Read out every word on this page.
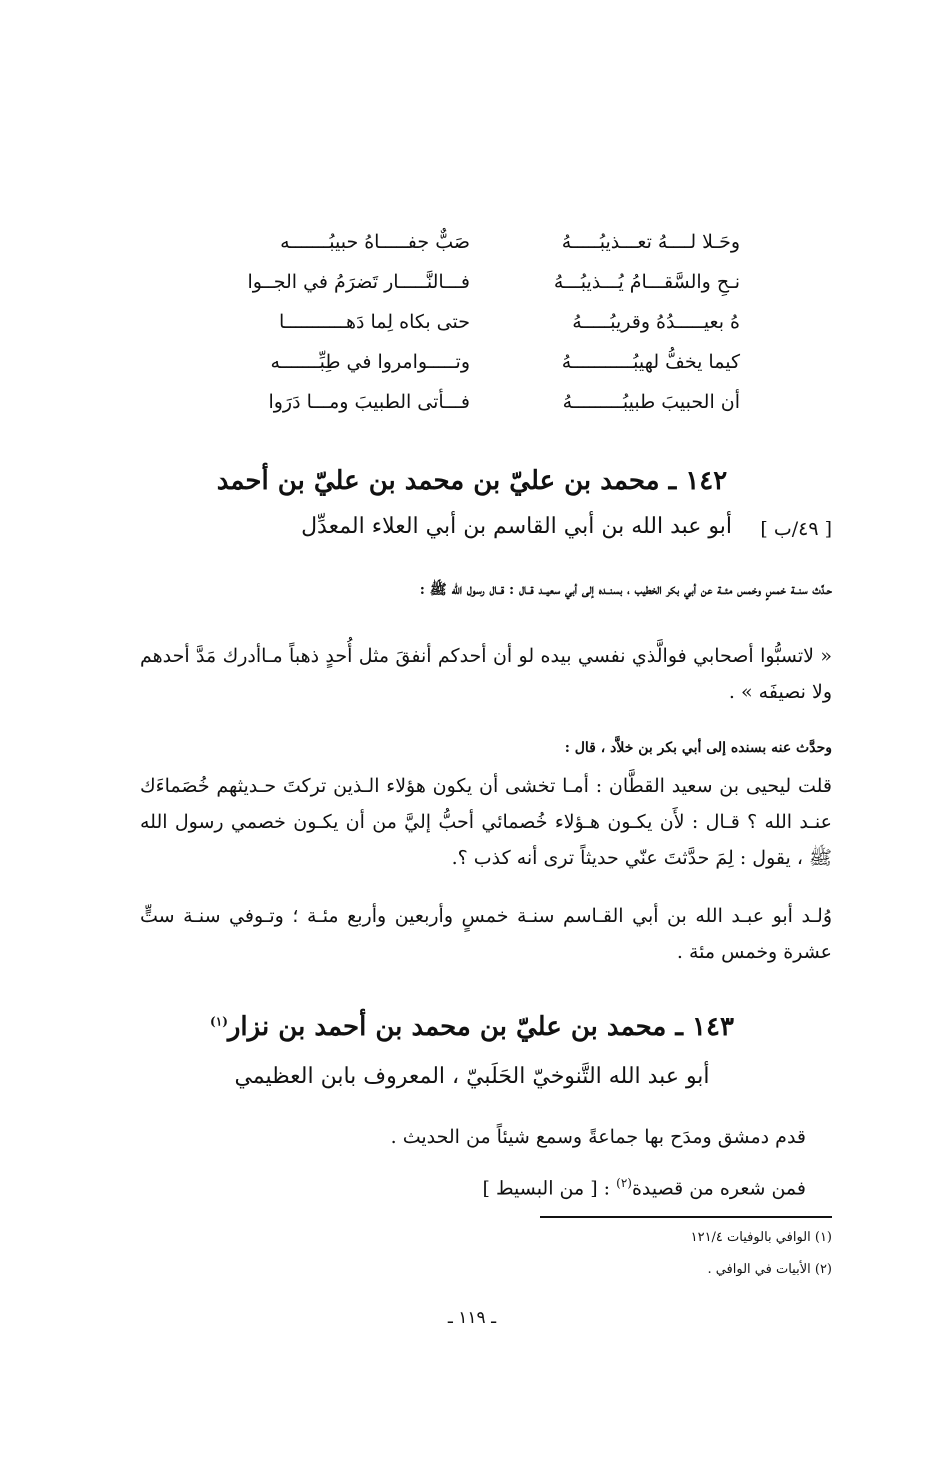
صَبٌّ جفـــــاهُ حبيبُـــــــه	وحَـلا لــــهُ تعـــذيبُـــــهُ
فـــالنَّـــــار تَضرَمُ في الجــوا	نـحِ والسَّقـــامُ يُـــذيبُـــهُ
حتى بكاه لِما دَهـــــــــــا	هُ بعيـــــدُهُ وقريبُـــــهُ
وتـــــوامروا في طِبِّـــــــه	كيما يخفُّ لهيبُـــــــــــهُ
فـــأتى الطبيبَ ومـــا دَرَوا	أن الحبيبَ طبيبُـــــــــهُ
١٤٢ ـ محمد بن عليّ بن محمد بن عليّ بن أحمد
أبو عبد الله بن أبي القاسم بن أبي العلاء المعدِّل [ ٤٩/ب ]
حـدَّث سنــة خمسٍ وخمس مئــة عن أبي بكر الخطيب ، بسنــده إلى أبي سعيــد قــال : قــال رسول الله ﷺ :
« لاتسبُّوا أصحابي فوالَّذي نفسي بيده لو أن أحدكم أنفقَ مثل أُحدٍ ذهباً مـاأدرك مَدَّ أحدهم ولا نصيفَه » .
وحدَّث عنه بسنده إلى أبي بكر بن خلاَّد ، قال :
قلت ليحيى بن سعيد القطَّان : أمـا تخشى أن يكون هؤلاء الـذين تركتَ حـديثهم خُصَماءَك عنـد الله ؟ قـال : لأَن يكـون هـؤلاء خُصمائي أحبُّ إليَّ من أن يكـون خصمي رسول الله ﷺ ، يقول : لِمَ حدَّثتَ عنّي حديثاً ترى أنه كذب ؟.
وُلـد أبو عبـد الله بن أبي القـاسم سنـة خمسٍ وأربعين وأربع مئـة ؛ وتـوفي سنـة ستٍّ عشرة وخمس مئة .
١٤٣ ـ محمد بن عليّ بن محمد بن أحمد بن نزار$^{(١)}$
أبو عبد الله التَّنوخيّ الحَلَبيّ ، المعروف بابن العظيمي
قدم دمشق ومدَح بها جماعةً وسمع شيئاً من الحديث .
فمن شعره من قصيدة$^{(٢)}$ : [ من البسيط ]
(١) الوافي بالوفيات ١٢١/٤
(٢) الأبيات في الوافي .
ـ ١١٩ ـ
